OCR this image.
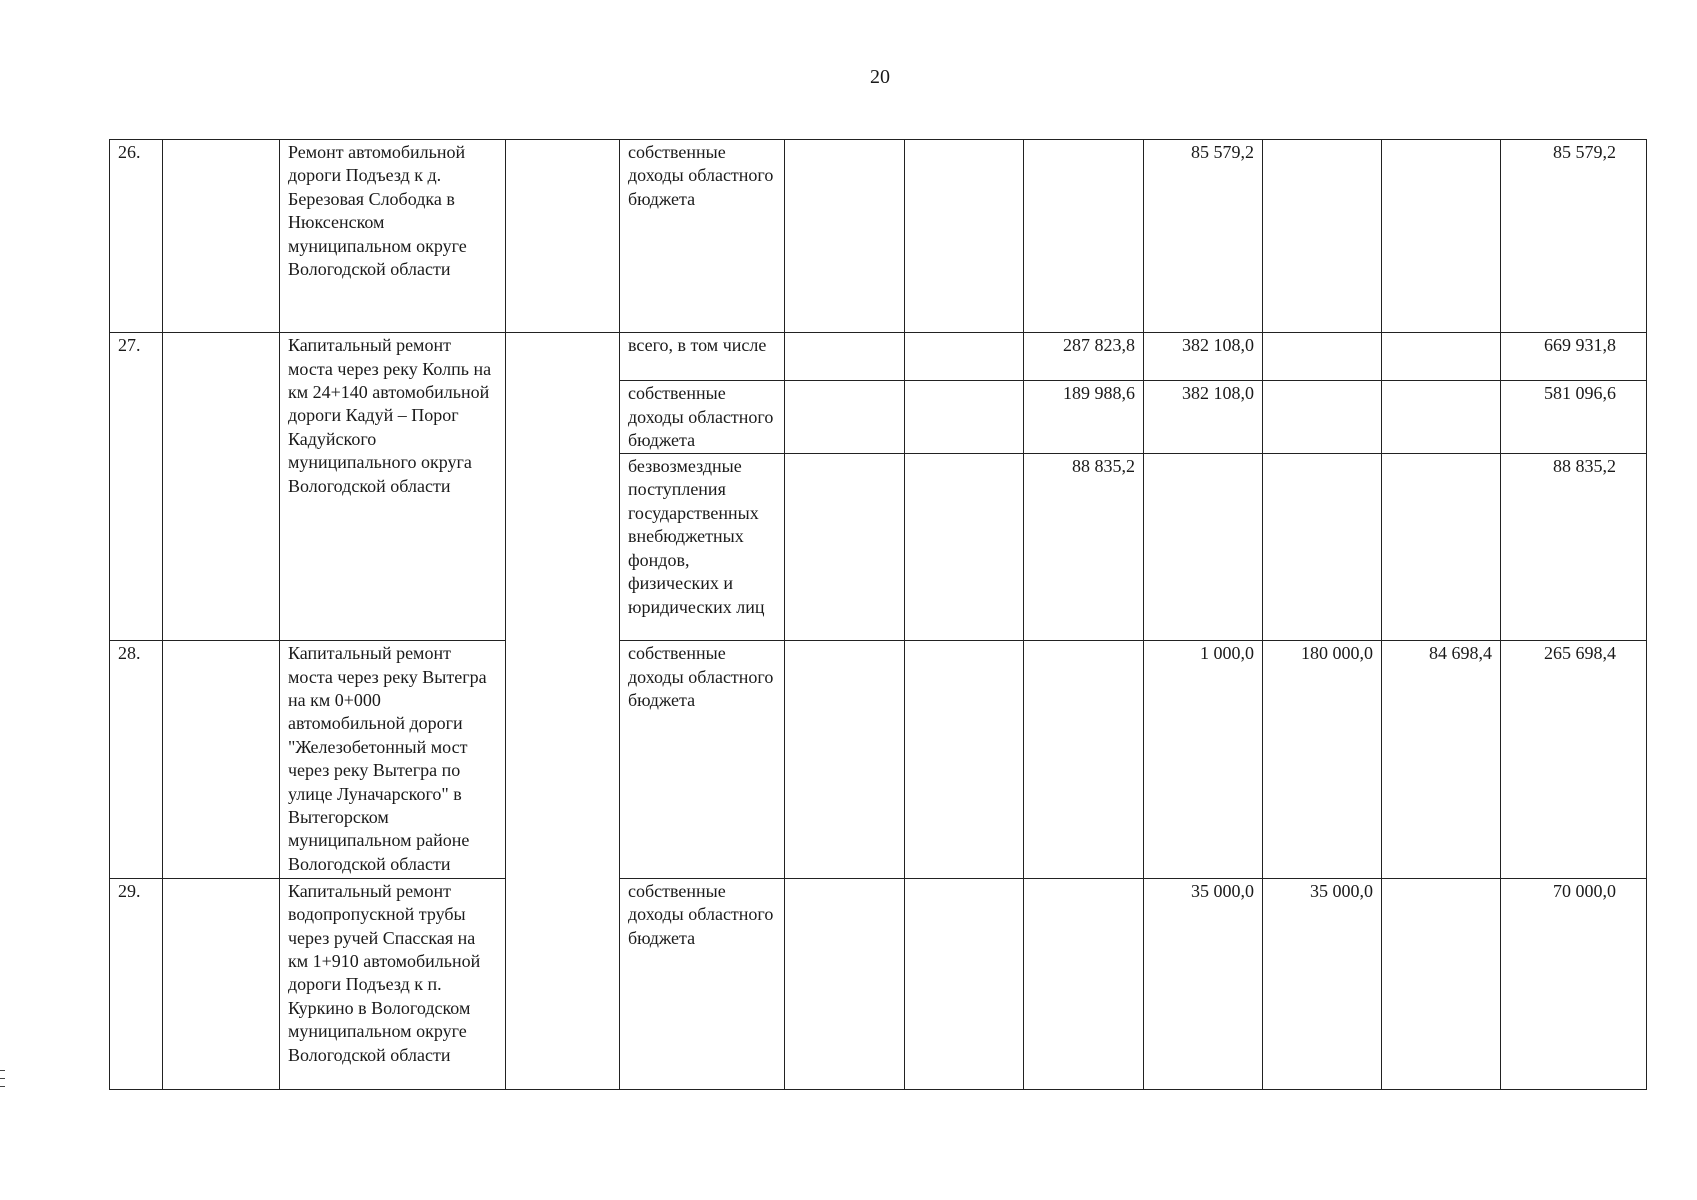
20
26.		Ремонт автомобильной дороги Подъезд к д. Березовая Слободка в Нюксенском муниципальном округе Вологодской области		собственные доходы областного бюджета				85 579,2			85 579,2
27.		Капитальный ремонт моста через реку Колпь на км 24+140 автомобильной дороги Кадуй – Порог Кадуйского муниципального округа Вологодской области		всего, в том числе			287 823,8	382 108,0			669 931,8
				собственные доходы областного бюджета			189 988,6	382 108,0			581 096,6
				безвозмездные поступления государственных внебюджетных фондов, физических и юридических лиц			88 835,2				88 835,2
28.		Капитальный ремонт моста через реку Вытегра на км 0+000 автомобильной дороги "Железобетонный мост через реку Вытегра по улице Луначарского" в Вытегорском муниципальном районе Вологодской области		собственные доходы областного бюджета				1 000,0	180 000,0	84 698,4	265 698,4
29.		Капитальный ремонт водопропускной трубы через ручей Спасская на км 1+910 автомобильной дороги Подъезд к п. Куркино в Вологодском муниципальном округе Вологодской области		собственные доходы областного бюджета				35 000,0	35 000,0		70 000,0
